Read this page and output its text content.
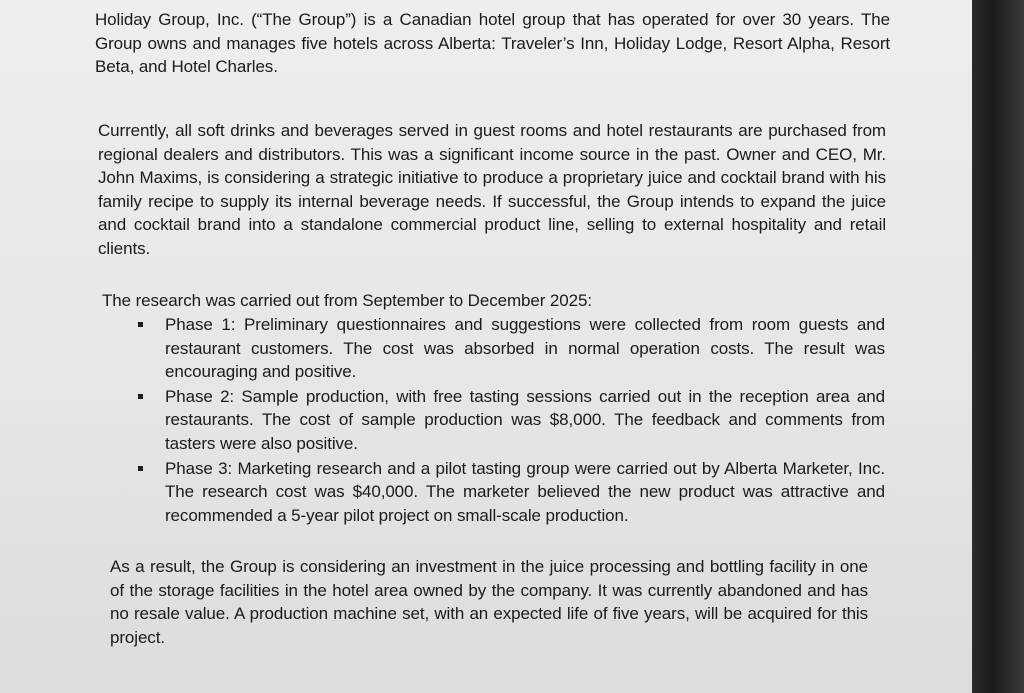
Holiday Group, Inc. (“The Group”) is a Canadian hotel group that has operated for over 30 years. The Group owns and manages five hotels across Alberta: Traveler’s Inn, Holiday Lodge, Resort Alpha, Resort Beta, and Hotel Charles.

Currently, all soft drinks and beverages served in guest rooms and hotel restaurants are purchased from regional dealers and distributors. This was a significant income source in the past. Owner and CEO, Mr. John Maxims, is considering a strategic initiative to produce a proprietary juice and cocktail brand with his family recipe to supply its internal beverage needs. If successful, the Group intends to expand the juice and cocktail brand into a standalone commercial product line, selling to external hospitality and retail clients.

The research was carried out from September to December 2025:

Phase 1: Preliminary questionnaires and suggestions were collected from room guests and restaurant customers. The cost was absorbed in normal operation costs. The result was encouraging and positive.
Phase 2: Sample production, with free tasting sessions carried out in the reception area and restaurants. The cost of sample production was $8,000. The feedback and comments from tasters were also positive.
Phase 3: Marketing research and a pilot tasting group were carried out by Alberta Marketer, Inc. The research cost was $40,000. The marketer believed the new product was attractive and recommended a 5-year pilot project on small-scale production.

As a result, the Group is considering an investment in the juice processing and bottling facility in one of the storage facilities in the hotel area owned by the company. It was currently abandoned and has no resale value. A production machine set, with an expected life of five years, will be acquired for this project.
